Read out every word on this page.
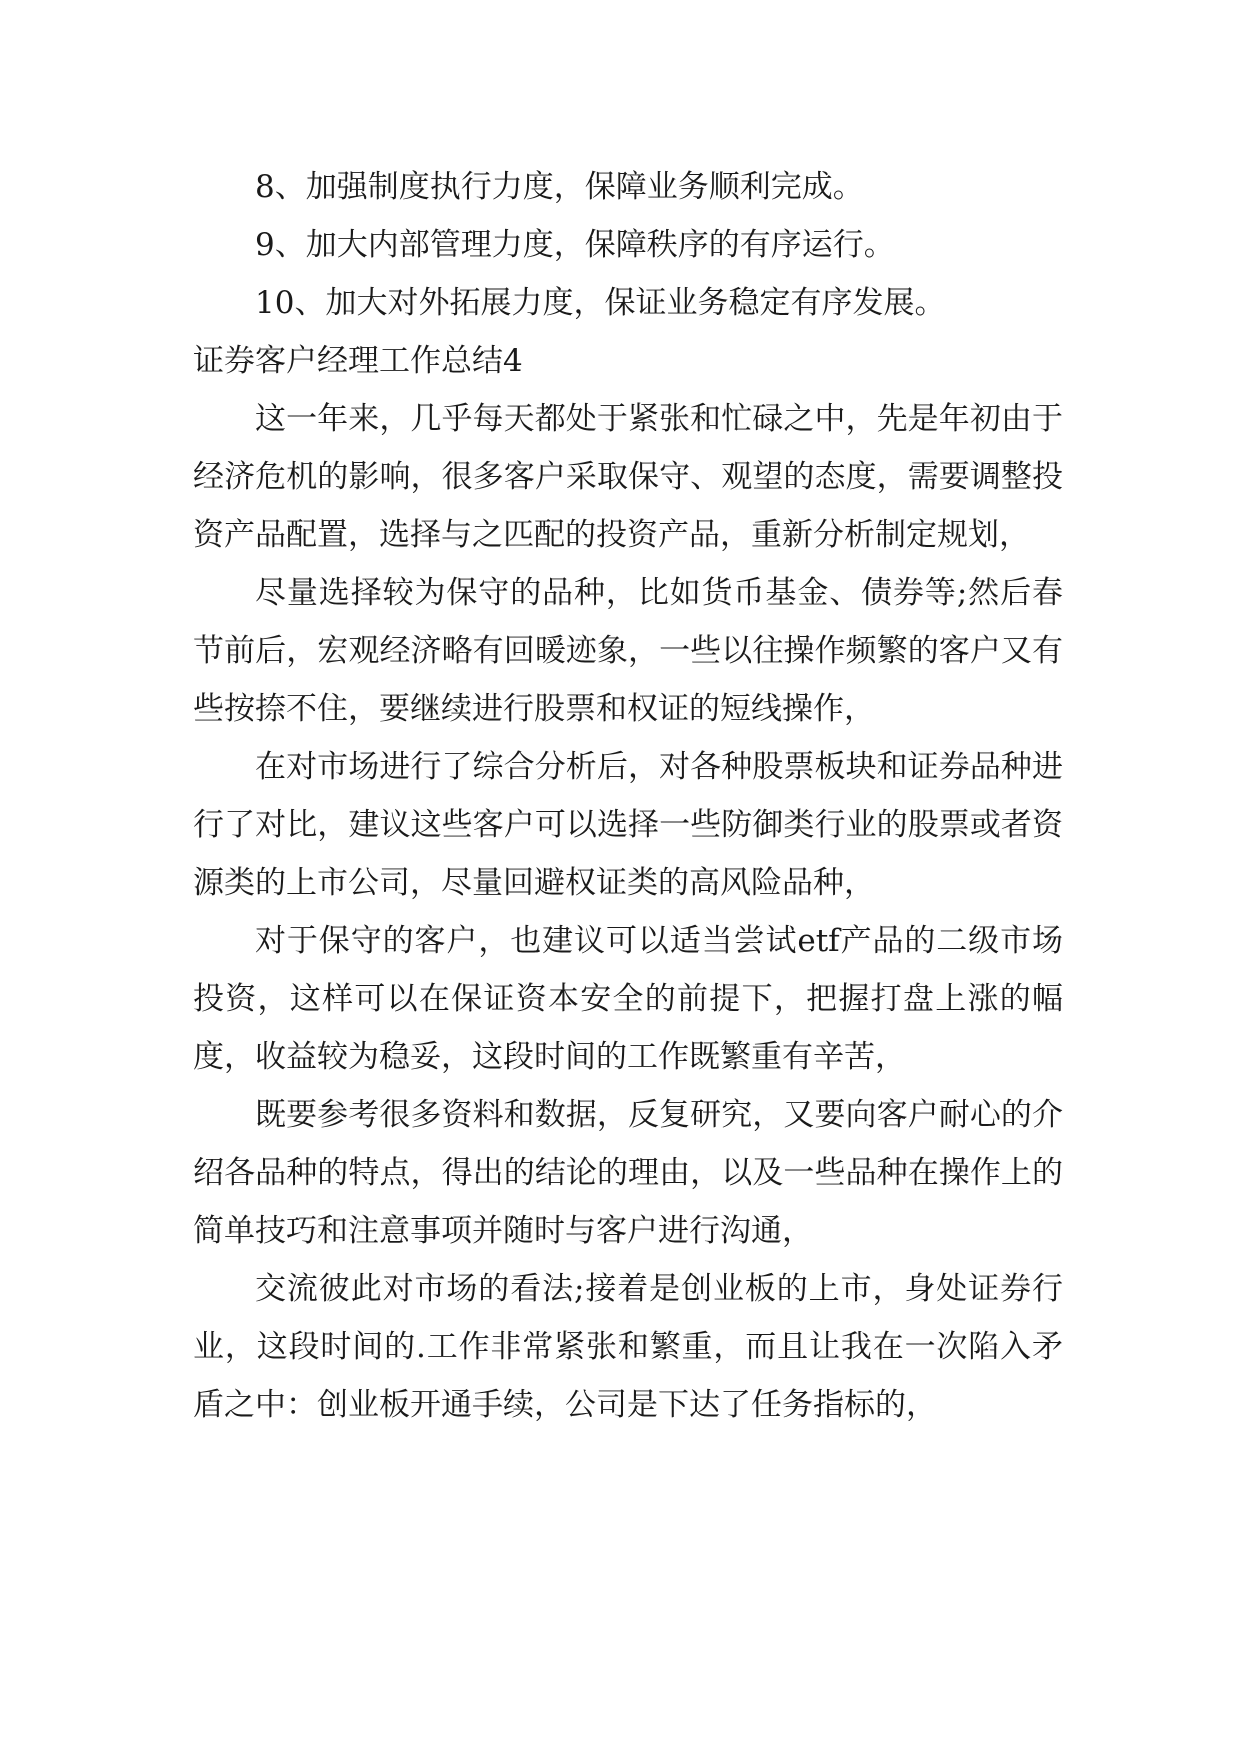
8、加强制度执行力度，保障业务顺利完成。

9、加大内部管理力度，保障秩序的有序运行。

10、加大对外拓展力度，保证业务稳定有序发展。

证券客户经理工作总结4

这一年来，几乎每天都处于紧张和忙碌之中，先是年初由于经济危机的影响，很多客户采取保守、观望的态度，需要调整投资产品配置，选择与之匹配的投资产品，重新分析制定规划，

尽量选择较为保守的品种，比如货币基金、债券等;然后春节前后，宏观经济略有回暖迹象，一些以往操作频繁的客户又有些按捺不住，要继续进行股票和权证的短线操作，

在对市场进行了综合分析后，对各种股票板块和证券品种进行了对比，建议这些客户可以选择一些防御类行业的股票或者资源类的上市公司，尽量回避权证类的高风险品种，

对于保守的客户，也建议可以适当尝试etf产品的二级市场投资，这样可以在保证资本安全的前提下，把握打盘上涨的幅度，收益较为稳妥，这段时间的工作既繁重有辛苦，

既要参考很多资料和数据，反复研究，又要向客户耐心的介绍各品种的特点，得出的结论的理由，以及一些品种在操作上的简单技巧和注意事项并随时与客户进行沟通，

交流彼此对市场的看法;接着是创业板的上市，身处证券行业，这段时间的.工作非常紧张和繁重，而且让我在一次陷入矛盾之中：创业板开通手续，公司是下达了任务指标的，
